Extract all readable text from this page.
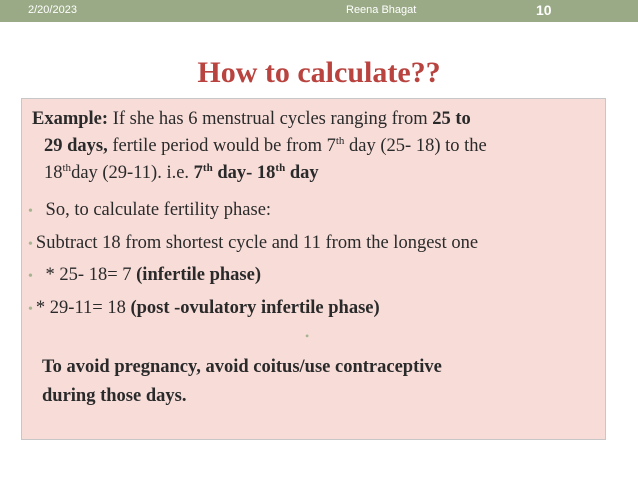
2/20/2023	Reena Bhagat	10
How to calculate??
Example: If she has 6 menstrual cycles ranging from 25 to
29 days, fertile period would be from 7th day (25- 18) to the
18thday (29-11). i.e. 7th day- 18th day
• So, to calculate fertility phase:
• Subtract 18 from shortest cycle and 11 from the longest one
• * 25- 18= 7 (infertile phase)
• * 29-11= 18 (post -ovulatory infertile phase)
•
To avoid pregnancy, avoid coitus/use contraceptive
during those days.
